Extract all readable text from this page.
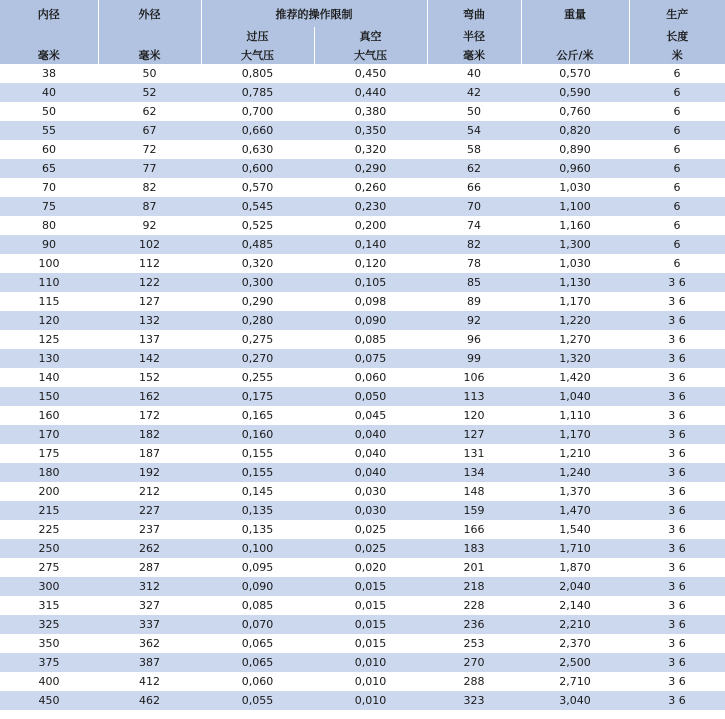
内径	外径	推荐的操作限制		弯曲	重量	生产
		过压	真空	半径		长度
毫米	毫米	大气压	大气压	毫米	公斤/米	米
38	50	0,805	0,450	40	0,570	6
40	52	0,785	0,440	42	0,590	6
50	62	0,700	0,380	50	0,760	6
55	67	0,660	0,350	54	0,820	6
60	72	0,630	0,320	58	0,890	6
65	77	0,600	0,290	62	0,960	6
70	82	0,570	0,260	66	1,030	6
75	87	0,545	0,230	70	1,100	6
80	92	0,525	0,200	74	1,160	6
90	102	0,485	0,140	82	1,300	6
100	112	0,320	0,120	78	1,030	6
110	122	0,300	0,105	85	1,130	3 6
115	127	0,290	0,098	89	1,170	3 6
120	132	0,280	0,090	92	1,220	3 6
125	137	0,275	0,085	96	1,270	3 6
130	142	0,270	0,075	99	1,320	3 6
140	152	0,255	0,060	106	1,420	3 6
150	162	0,175	0,050	113	1,040	3 6
160	172	0,165	0,045	120	1,110	3 6
170	182	0,160	0,040	127	1,170	3 6
175	187	0,155	0,040	131	1,210	3 6
180	192	0,155	0,040	134	1,240	3 6
200	212	0,145	0,030	148	1,370	3 6
215	227	0,135	0,030	159	1,470	3 6
225	237	0,135	0,025	166	1,540	3 6
250	262	0,100	0,025	183	1,710	3 6
275	287	0,095	0,020	201	1,870	3 6
300	312	0,090	0,015	218	2,040	3 6
315	327	0,085	0,015	228	2,140	3 6
325	337	0,070	0,015	236	2,210	3 6
350	362	0,065	0,015	253	2,370	3 6
375	387	0,065	0,010	270	2,500	3 6
400	412	0,060	0,010	288	2,710	3 6
450	462	0,055	0,010	323	3,040	3 6
